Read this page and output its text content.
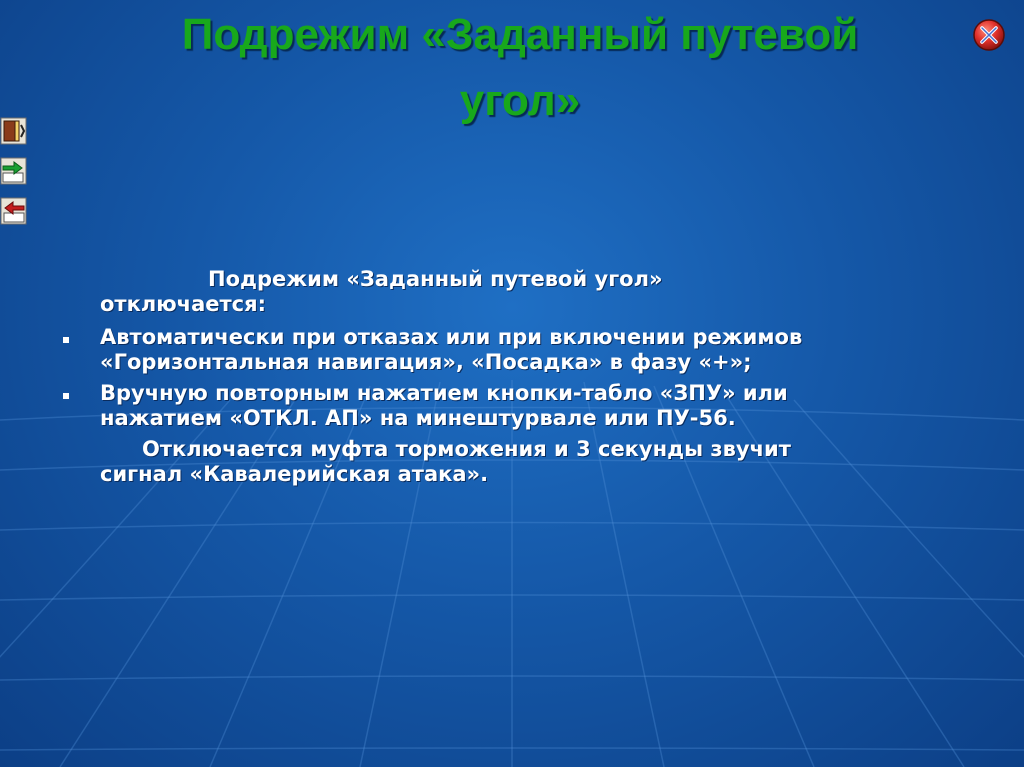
Подрежим «Заданный путевой
угол»
Подрежим «Заданный путевой угол»
отключается:
Автоматически при отказах или при включении режимов
«Горизонтальная навигация», «Посадка» в фазу «+»;
Вручную повторным нажатием кнопки-табло «ЗПУ» или
нажатием «ОТКЛ. АП» на минештурвале или ПУ-56.
Отключается муфта торможения и 3 секунды звучит
сигнал «Кавалерийская атака».
